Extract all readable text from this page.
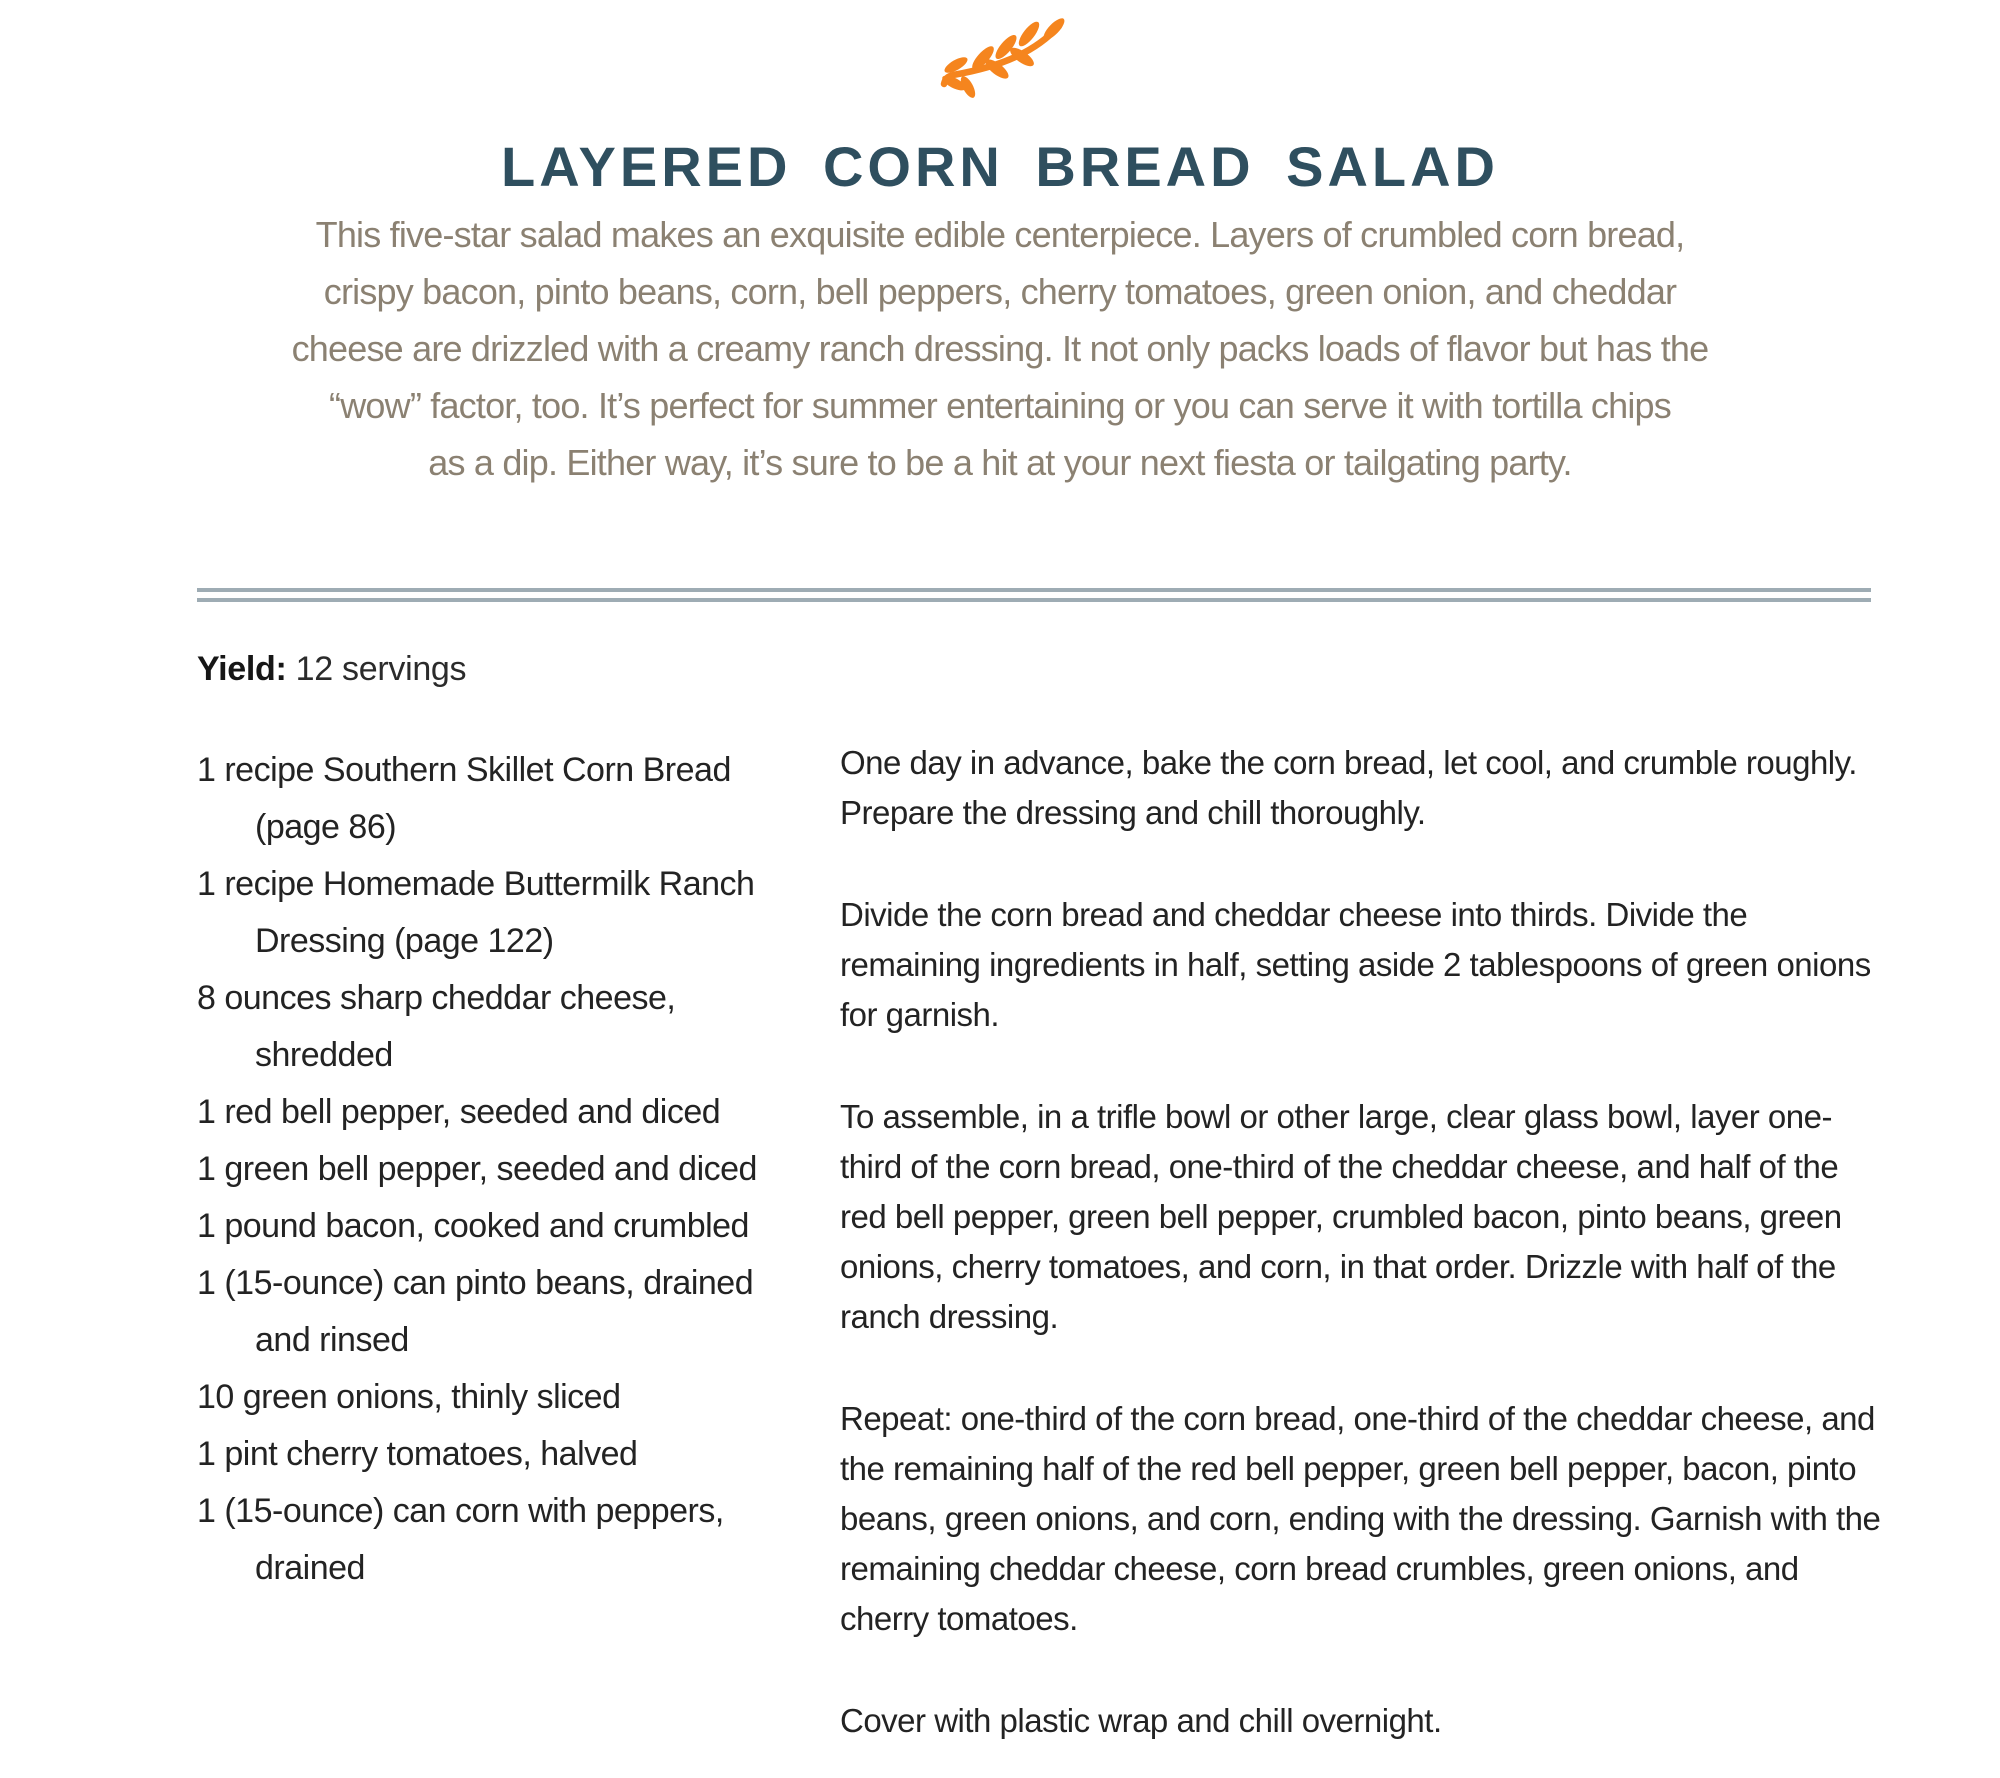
LAYERED CORN BREAD SALAD
This five-star salad makes an exquisite edible centerpiece. Layers of crumbled corn bread,
crispy bacon, pinto beans, corn, bell peppers, cherry tomatoes, green onion, and cheddar
cheese are drizzled with a creamy ranch dressing. It not only packs loads of flavor but has the
“wow” factor, too. It’s perfect for summer entertaining or you can serve it with tortilla chips
as a dip. Either way, it’s sure to be a hit at your next fiesta or tailgating party.
Yield: 12 servings
1 recipe Southern Skillet Corn Bread
(page 86)
1 recipe Homemade Buttermilk Ranch
Dressing (page 122)
8 ounces sharp cheddar cheese,
shredded
1 red bell pepper, seeded and diced
1 green bell pepper, seeded and diced
1 pound bacon, cooked and crumbled
1 (15-ounce) can pinto beans, drained
and rinsed
10 green onions, thinly sliced
1 pint cherry tomatoes, halved
1 (15-ounce) can corn with peppers,
drained

One day in advance, bake the corn bread, let cool, and crumble roughly. Prepare the dressing and chill thoroughly.

Divide the corn bread and cheddar cheese into thirds. Divide the remaining ingredients in half, setting aside 2 tablespoons of green onions for garnish.

To assemble, in a trifle bowl or other large, clear glass bowl, layer one-third of the corn bread, one-third of the cheddar cheese, and half of the red bell pepper, green bell pepper, crumbled bacon, pinto beans, green onions, cherry tomatoes, and corn, in that order. Drizzle with half of the ranch dressing.

Repeat: one-third of the corn bread, one-third of the cheddar cheese, and the remaining half of the red bell pepper, green bell pepper, bacon, pinto beans, green onions, and corn, ending with the dressing. Garnish with the remaining cheddar cheese, corn bread crumbles, green onions, and cherry tomatoes.

Cover with plastic wrap and chill overnight.
